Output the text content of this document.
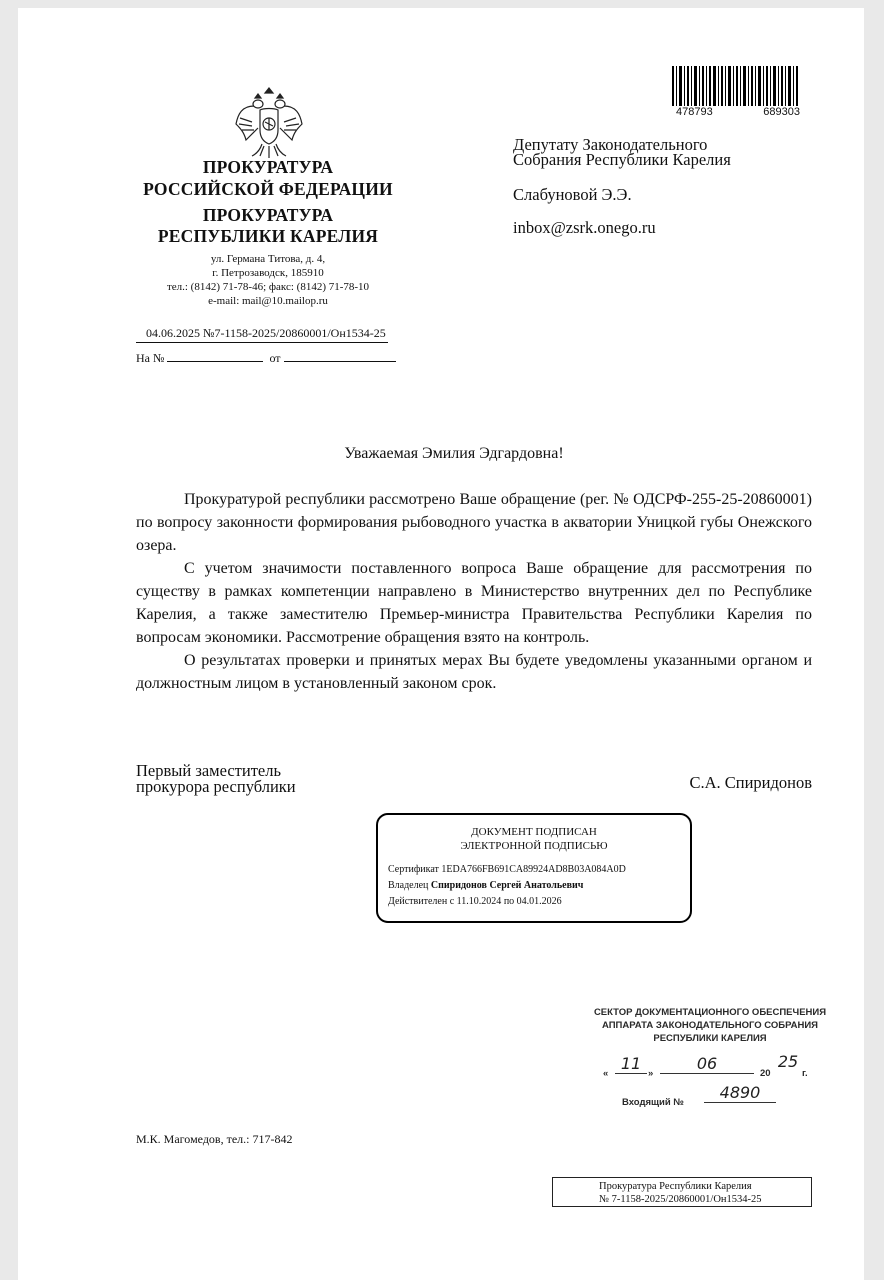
478793	689303
ПРОКУРАТУРА
РОССИЙСКОЙ ФЕДЕРАЦИИ
ПРОКУРАТУРА
РЕСПУБЛИКИ КАРЕЛИЯ
ул. Германа Титова, д. 4,
г. Петрозаводск, 185910
тел.: (8142) 71-78-46; факс: (8142) 71-78-10
e-mail: mail@10.mailop.ru
04.06.2025 №7-1158-2025/20860001/Он1534-25
На №	от
Депутату Законодательного
Собрания Республики Карелия
Слабуновой Э.Э.
inbox@zsrk.onego.ru
Уважаемая Эмилия Эдгардовна!

Прокуратурой республики рассмотрено Ваше обращение (рег. № ОДСРФ-255-25-20860001) по вопросу законности формирования рыбоводного участка в акватории Уницкой губы Онежского озера.

С учетом значимости поставленного вопроса Ваше обращение для рассмотрения по существу в рамках компетенции направлено в Министерство внутренних дел по Республике Карелия, а также заместителю Премьер-министра Правительства Республики Карелия по вопросам экономики. Рассмотрение обращения взято на контроль.

О результатах проверки и принятых мерах Вы будете уведомлены указанными органом и должностным лицом в установленный законом срок.

Первый заместитель
прокурора республики	С.А. Спиридонов
ДОКУМЕНТ ПОДПИСАН
ЭЛЕКТРОННОЙ ПОДПИСЬЮ
Сертификат 1EDA766FB691CA89924AD8B03A084A0D
Владелец Спиридонов Сергей Анатольевич
Действителен с 11.10.2024 по 04.01.2026
СЕКТОР ДОКУМЕНТАЦИОННОГО ОБЕСПЕЧЕНИЯ
АППАРАТА ЗАКОНОДАТЕЛЬНОГО СОБРАНИЯ
РЕСПУБЛИКИ КАРЕЛИЯ
«
11
»
06
20
25
г.
Входящий №
4890
М.К. Магомедов, тел.: 717-842
Прокуратура Республики Карелия
№ 7-1158-2025/20860001/Он1534-25
